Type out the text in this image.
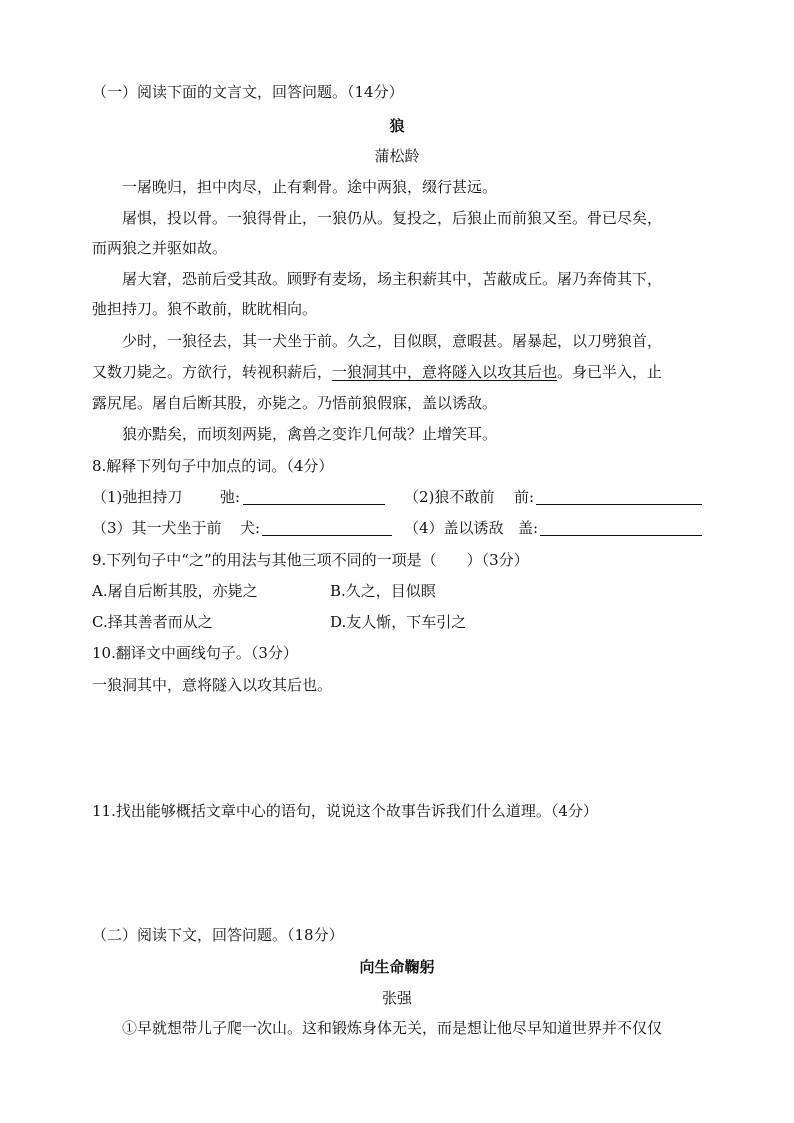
（一）阅读下面的文言文，回答问题。（14分）
狼
蒲松龄
一屠晚归，担中肉尽，止有剩骨。途中两狼，缀行甚远。
屠惧，投以骨。一狼得骨止，一狼仍从。复投之，后狼止而前狼又至。骨已尽矣，
而两狼之并驱如故。
屠大窘，恐前后受其敌。顾野有麦场，场主积薪其中，苫蔽成丘。屠乃奔倚其下，
弛担持刀。狼不敢前，眈眈相向。
少时，一狼径去，其一犬坐于前。久之，目似瞑，意暇甚。屠暴起，以刀劈狼首，
又数刀毙之。方欲行，转视积薪后，一狼洞其中，意将隧入以攻其后也。身已半入，止
露尻尾。屠自后断其股，亦毙之。乃悟前狼假寐，盖以诱敌。
狼亦黠矣，而顷刻两毙，禽兽之变诈几何哉？止增笑耳。
8.解释下列句子中加点的词。（4分）
（1)弛担持刀	弛:	（2)狼不敢前 前:
（3）其一犬坐于前 犬:	（4）盖以诱敌 盖:
9.下列句子中“之”的用法与其他三项不同的一项是（　　）（3分）
A.屠自后断其股，亦毙之	B.久之，目似瞑
C.择其善者而从之	D.友人惭，下车引之
10.翻译文中画线句子。（3分）
一狼洞其中，意将隧入以攻其后也。
11.找出能够概括文章中心的语句，说说这个故事告诉我们什么道理。（4分）
（二）阅读下文，回答问题。（18分）
向生命鞠躬
张强
①早就想带儿子爬一次山。这和锻炼身体无关，而是想让他尽早知道世界并不仅仅
